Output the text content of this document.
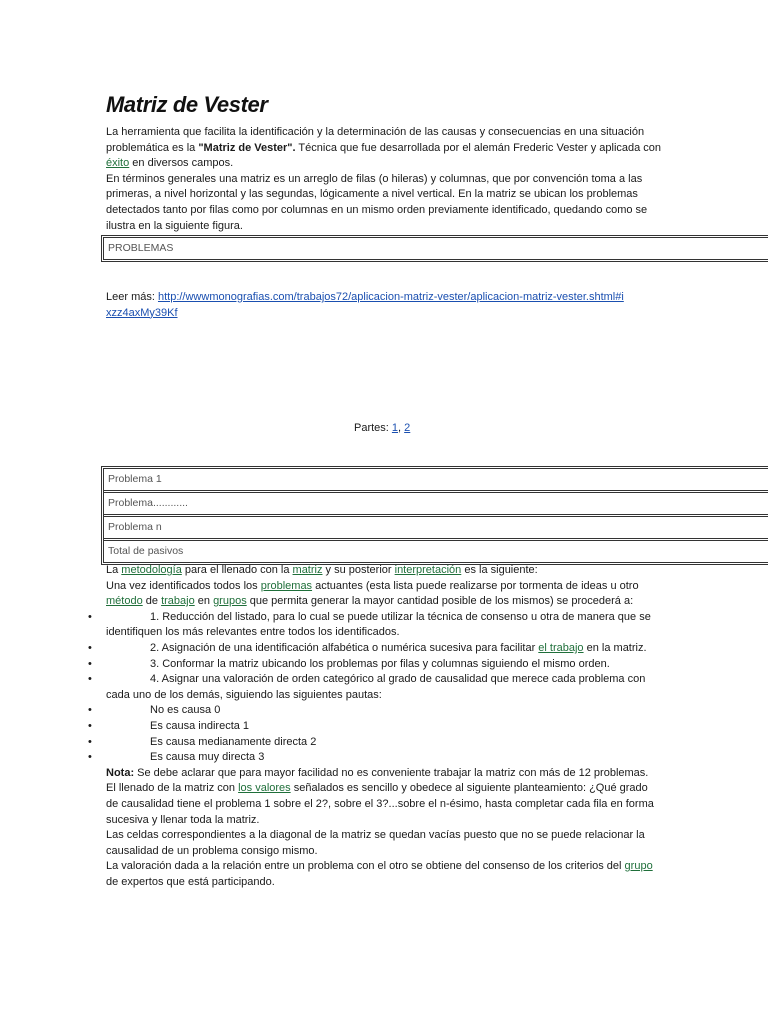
Matriz de Vester

La herramienta que facilita la identificación y la determinación de las causas y consecuencias en una situación problemática es la "Matriz de Vester". Técnica que fue desarrollada por el alemán Frederic Vester y aplicada con éxito en diversos campos.

En términos generales una matriz es un arreglo de filas (o hileras) y columnas, que por convención toma a las primeras, a nivel horizontal y las segundas, lógicamente a nivel vertical. En la matriz se ubican los problemas detectados tanto por filas como por columnas en un mismo orden previamente identificado, quedando como se ilustra en la siguiente figura.

PROBLEMAS
Leer más: http://wwwmonografias.com/trabajos72/aplicacion-matriz-vester/aplicacion-matriz-vester.shtml#ixzz4axMy39Kf
Partes: 1, 2
Problema 1
Problema............
Problema n
Total de pasivos

La metodología para el llenado con la matriz y su posterior interpretación es la siguiente:

Una vez identificados todos los problemas actuantes (esta lista puede realizarse por tormenta de ideas u otro método de trabajo en grupos que permita generar la mayor cantidad posible de los mismos) se procederá a:

•	1. Reducción del listado, para lo cual se puede utilizar la técnica de consenso u otra de manera que se identifiquen los más relevantes entre todos los identificados.
•	2. Asignación de una identificación alfabética o numérica sucesiva para facilitar el trabajo en la matriz.
•	3. Conformar la matriz ubicando los problemas por filas y columnas siguiendo el mismo orden.
•	4. Asignar una valoración de orden categórico al grado de causalidad que merece cada problema con cada uno de los demás, siguiendo las siguientes pautas:
•	No es causa 0
•	Es causa indirecta 1
•	Es causa medianamente directa 2
•	Es causa muy directa 3

Nota: Se debe aclarar que para mayor facilidad no es conveniente trabajar la matriz con más de 12 problemas.

El llenado de la matriz con los valores señalados es sencillo y obedece al siguiente planteamiento: ¿Qué grado de causalidad tiene el problema 1 sobre el 2?, sobre el 3?...sobre el n-ésimo, hasta completar cada fila en forma sucesiva y llenar toda la matriz.

Las celdas correspondientes a la diagonal de la matriz se quedan vacías puesto que no se puede relacionar la causalidad de un problema consigo mismo.

La valoración dada a la relación entre un problema con el otro se obtiene del consenso de los criterios del grupo de expertos que está participando.
